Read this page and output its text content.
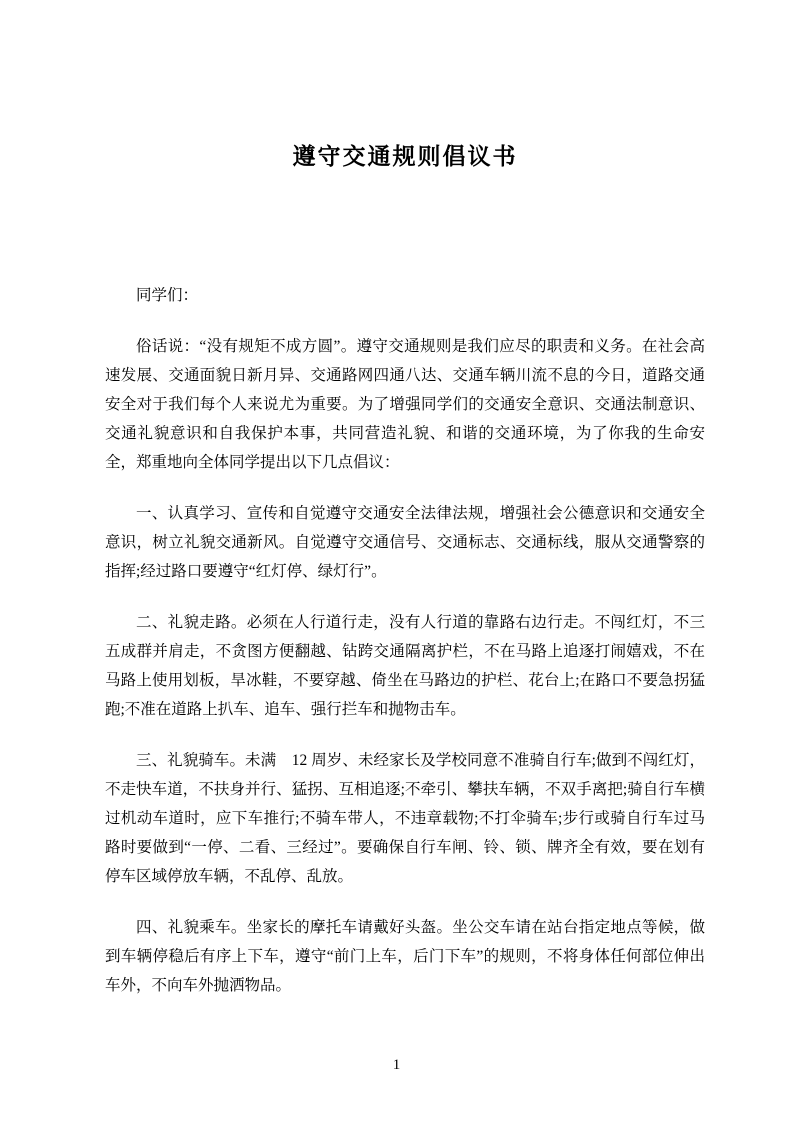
遵守交通规则倡议书

同学们：

俗话说：“没有规矩不成方圆”。遵守交通规则是我们应尽的职责和义务。在社会高速发展、交通面貌日新月异、交通路网四通八达、交通车辆川流不息的今日，道路交通安全对于我们每个人来说尤为重要。为了增强同学们的交通安全意识、交通法制意识、交通礼貌意识和自我保护本事，共同营造礼貌、和谐的交通环境，为了你我的生命安全，郑重地向全体同学提出以下几点倡议：

一、认真学习、宣传和自觉遵守交通安全法律法规，增强社会公德意识和交通安全意识，树立礼貌交通新风。自觉遵守交通信号、交通标志、交通标线，服从交通警察的指挥;经过路口要遵守“红灯停、绿灯行”。

二、礼貌走路。必须在人行道行走，没有人行道的靠路右边行走。不闯红灯，不三五成群并肩走，不贪图方便翻越、钻跨交通隔离护栏，不在马路上追逐打闹嬉戏，不在马路上使用划板，旱冰鞋，不要穿越、倚坐在马路边的护栏、花台上;在路口不要急拐猛跑;不准在道路上扒车、追车、强行拦车和抛物击车。

三、礼貌骑车。未满　12 周岁、未经家长及学校同意不准骑自行车;做到不闯红灯，不走快车道，不扶身并行、猛拐、互相追逐;不牵引、攀扶车辆，不双手离把;骑自行车横过机动车道时，应下车推行;不骑车带人，不违章载物;不打伞骑车;步行或骑自行车过马路时要做到“一停、二看、三经过”。要确保自行车闸、铃、锁、牌齐全有效，要在划有停车区域停放车辆，不乱停、乱放。

四、礼貌乘车。坐家长的摩托车请戴好头盔。坐公交车请在站台指定地点等候，做到车辆停稳后有序上下车，遵守“前门上车，后门下车”的规则，不将身体任何部位伸出车外，不向车外抛洒物品。

1
